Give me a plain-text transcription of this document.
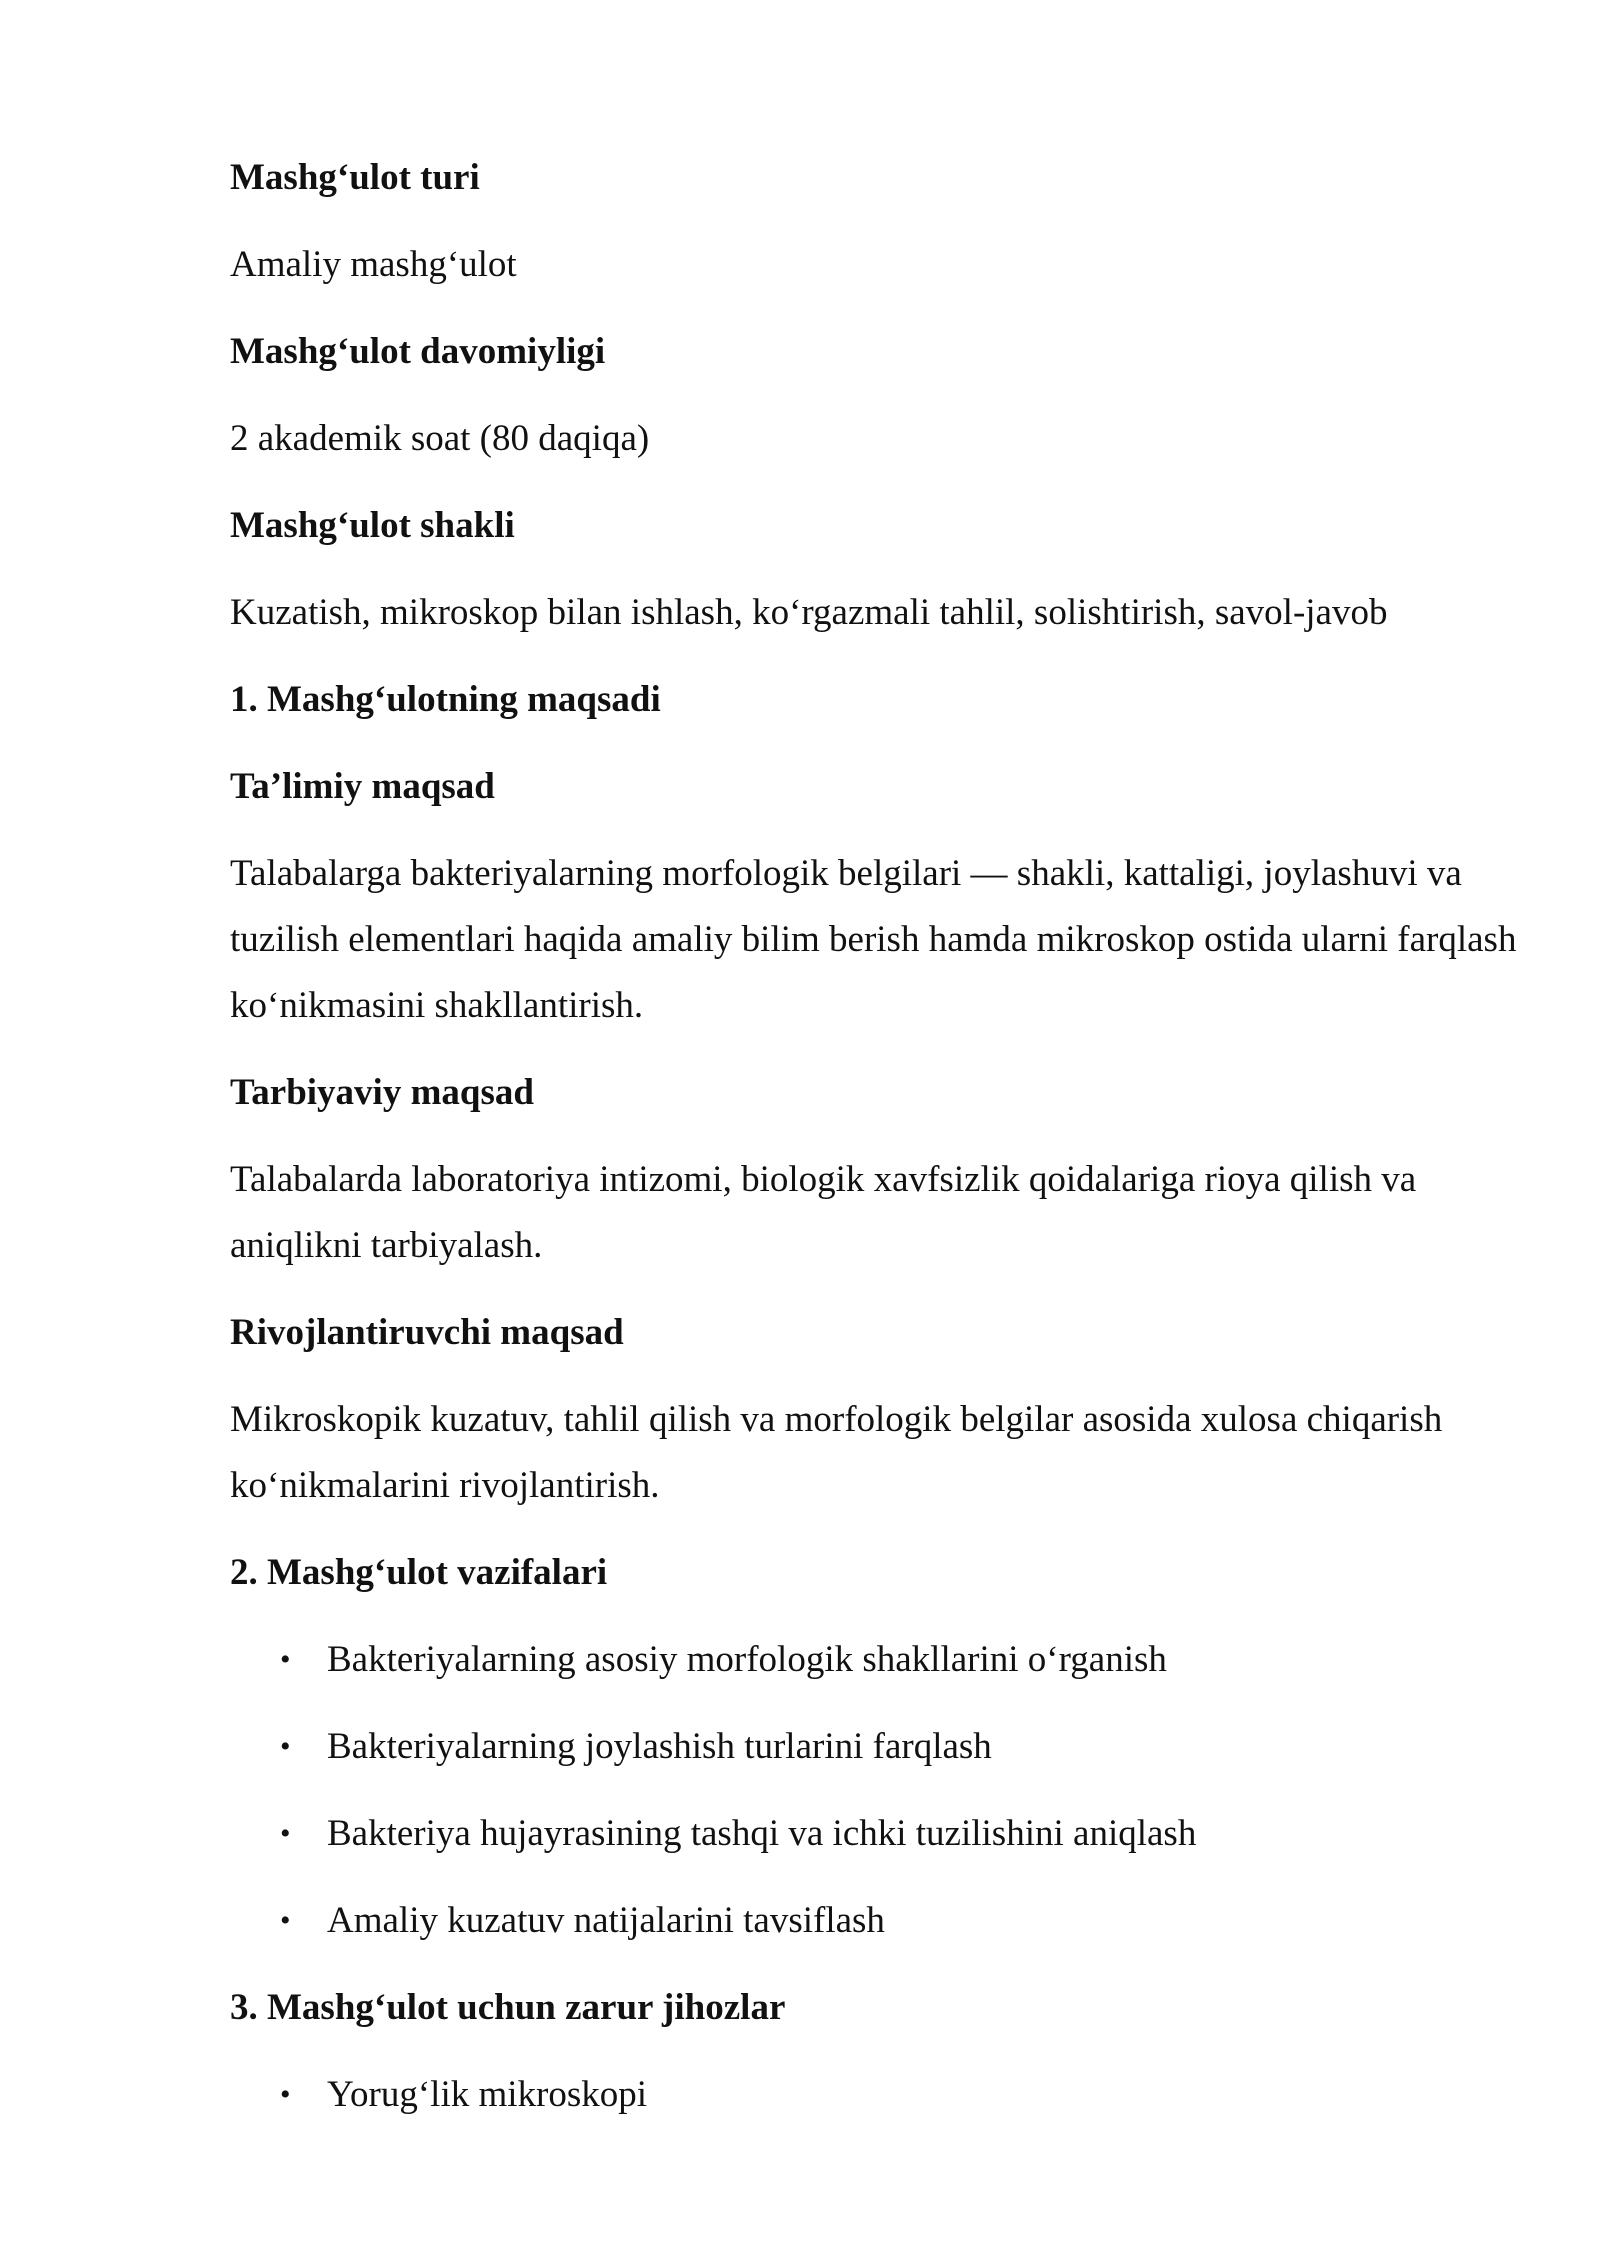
Mashg‘ulot turi

Amaliy mashg‘ulot

Mashg‘ulot davomiyligi

2 akademik soat (80 daqiqa)

Mashg‘ulot shakli

Kuzatish, mikroskop bilan ishlash, ko‘rgazmali tahlil, solishtirish, savol-javob

1. Mashg‘ulotning maqsadi

Ta’limiy maqsad

Talabalarga bakteriyalarning morfologik belgilari — shakli, kattaligi, joylashuvi va tuzilish elementlari haqida amaliy bilim berish hamda mikroskop ostida ularni farqlash ko‘nikmasini shakllantirish.

Tarbiyaviy maqsad

Talabalarda laboratoriya intizomi, biologik xavfsizlik qoidalariga rioya qilish va aniqlikni tarbiyalash.

Rivojlantiruvchi maqsad

Mikroskopik kuzatuv, tahlil qilish va morfologik belgilar asosida xulosa chiqarish ko‘nikmalarini rivojlantirish.

2. Mashg‘ulot vazifalari

• Bakteriyalarning asosiy morfologik shakllarini o‘rganish
• Bakteriyalarning joylashish turlarini farqlash
• Bakteriya hujayrasining tashqi va ichki tuzilishini aniqlash
• Amaliy kuzatuv natijalarini tavsiflash

3. Mashg‘ulot uchun zarur jihozlar

• Yorug‘lik mikroskopi
